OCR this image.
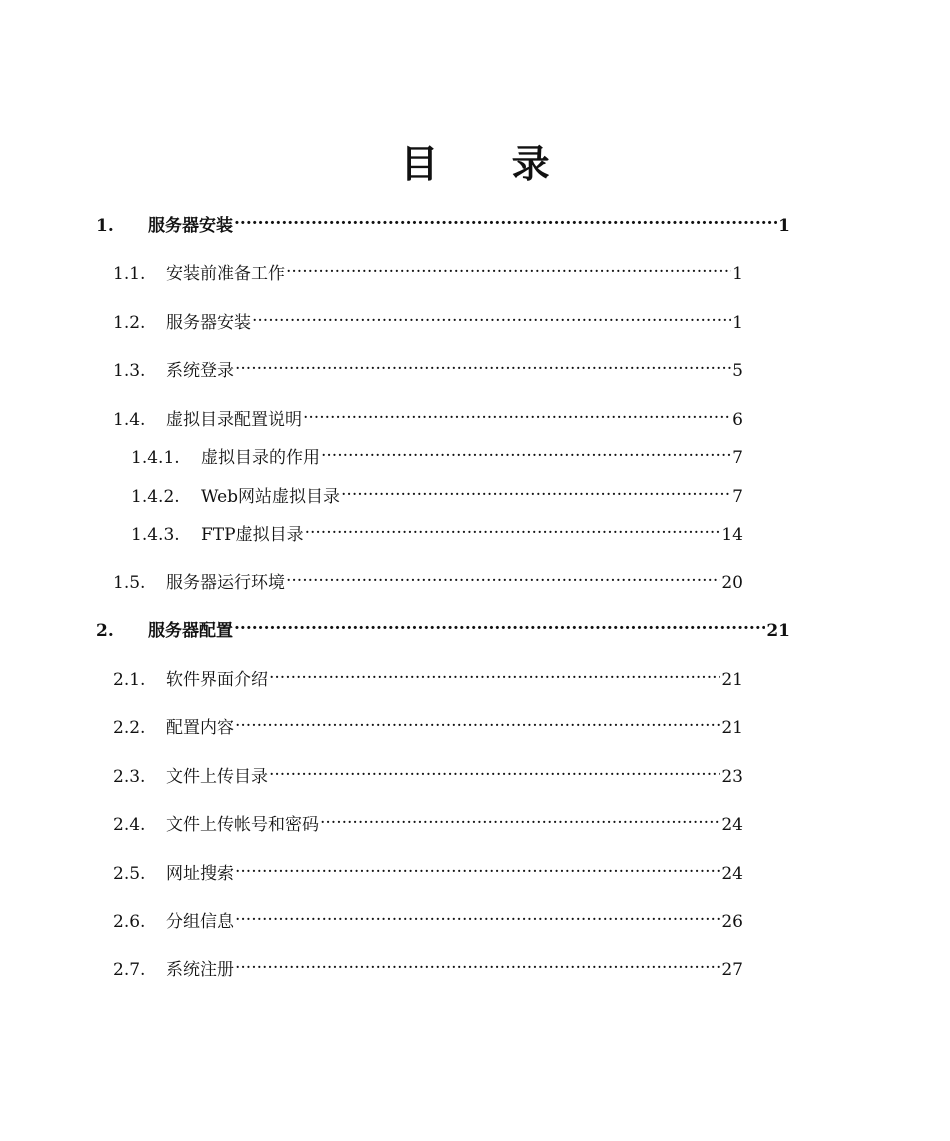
目 录
1.	服务器安装 .....	1
1.1.	安装前准备工作 .....	1
1.2.	服务器安装 .....	1
1.3.	系统登录 .....	5
1.4.	虚拟目录配置说明 .....	6
1.4.1.	虚拟目录的作用 .....	7
1.4.2.	Web网站虚拟目录 .....	7
1.4.3.	FTP虚拟目录 .....	14
1.5.	服务器运行环境 .....	20
2.	服务器配置 .....	21
2.1.	软件界面介绍 .....	21
2.2.	配置内容 .....	21
2.3.	文件上传目录 .....	23
2.4.	文件上传帐号和密码 .....	24
2.5.	网址搜索 .....	24
2.6.	分组信息 .....	26
2.7.	系统注册 .....	27
